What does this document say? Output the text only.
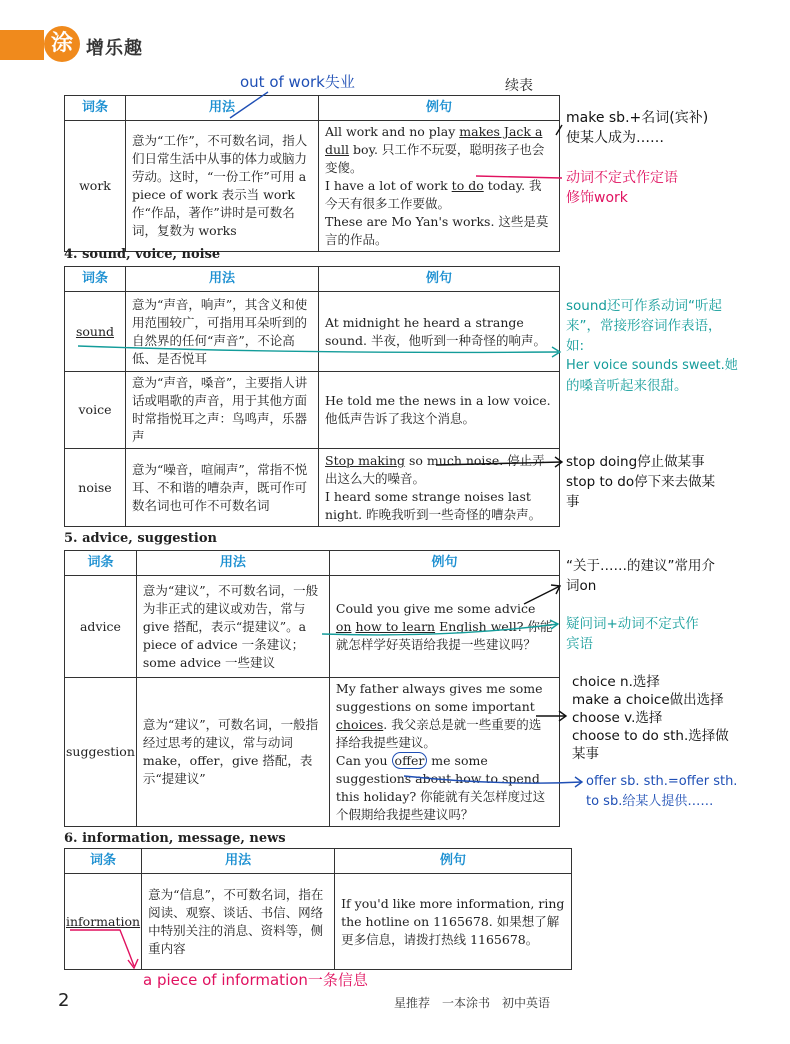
涂 增乐趣
续表
词条	用法	例句
work	意为“工作”，不可数名词，指人们日常生活中从事的体力或脑力劳动。这时，“一份工作”可用 a piece of work 表示当 work 作“作品，著作”讲时是可数名词，复数为 works	All work and no play makes Jack a dull boy. 只工作不玩耍，聪明孩子也会变傻。
I have a lot of work to do today. 我今天有很多工作要做。
These are Mo Yan's works. 这些是莫言的作品。
4. sound, voice, noise
词条	用法	例句
sound	意为“声音，响声”，其含义和使用范围较广，可指用耳朵听到的自然界的任何“声音”，不论高低、是否悦耳	At midnight he heard a strange sound. 半夜，他听到一种奇怪的响声。
voice	意为“声音，嗓音”，主要指人讲话或唱歌的声音，用于其他方面时常指悦耳之声：鸟鸣声，乐器声	He told me the news in a low voice. 他低声告诉了我这个消息。
noise	意为“噪音，喧闹声”，常指不悦耳、不和谐的嘈杂声，既可作可数名词也可作不可数名词	Stop making so much noise. 停止弄出这么大的噪音。
I heard some strange noises last night. 昨晚我听到一些奇怪的嘈杂声。
5. advice, suggestion
词条	用法	例句
advice	意为“建议”，不可数名词，一般为非正式的建议或劝告，常与 give 搭配，表示“提建议”。a piece of advice 一条建议；some advice 一些建议	Could you give me some advice on how to learn English well? 你能就怎样学好英语给我提一些建议吗？
suggestion	意为“建议”，可数名词，一般指经过思考的建议，常与动词 make，offer，give 搭配，表示“提建议”	My father always gives me some suggestions on some important choices. 我父亲总是就一些重要的选择给我提些建议。
Can you offer me some suggestions about how to spend this holiday? 你能就有关怎样度过这个假期给我提些建议吗？
6. information, message, news
词条	用法	例句
information	意为“信息”，不可数名词，指在阅读、观察、谈话、书信、网络中特别关注的消息、资料等，侧重内容	If you'd like more information, ring the hotline on 1165678. 如果想了解更多信息，请拨打热线 1165678。
out of work失业
make sb.+名词(宾补)
使某人成为……
动词不定式作定语
修饰work
sound还可作系动词“听起
来”，常接形容词作表语，
如:
Her voice sounds sweet.她
的嗓音听起来很甜。
stop doing停止做某事
stop to do停下来去做某
事
“关于……的建议”常用介
词on
疑问词+动词不定式作
宾语
choice n.选择
make a choice做出选择
choose v.选择
choose to do sth.选择做
某事
offer sb. sth.=offer sth.
to sb.给某人提供……
a piece of information一条信息
2	星推荐　一本涂书　初中英语
